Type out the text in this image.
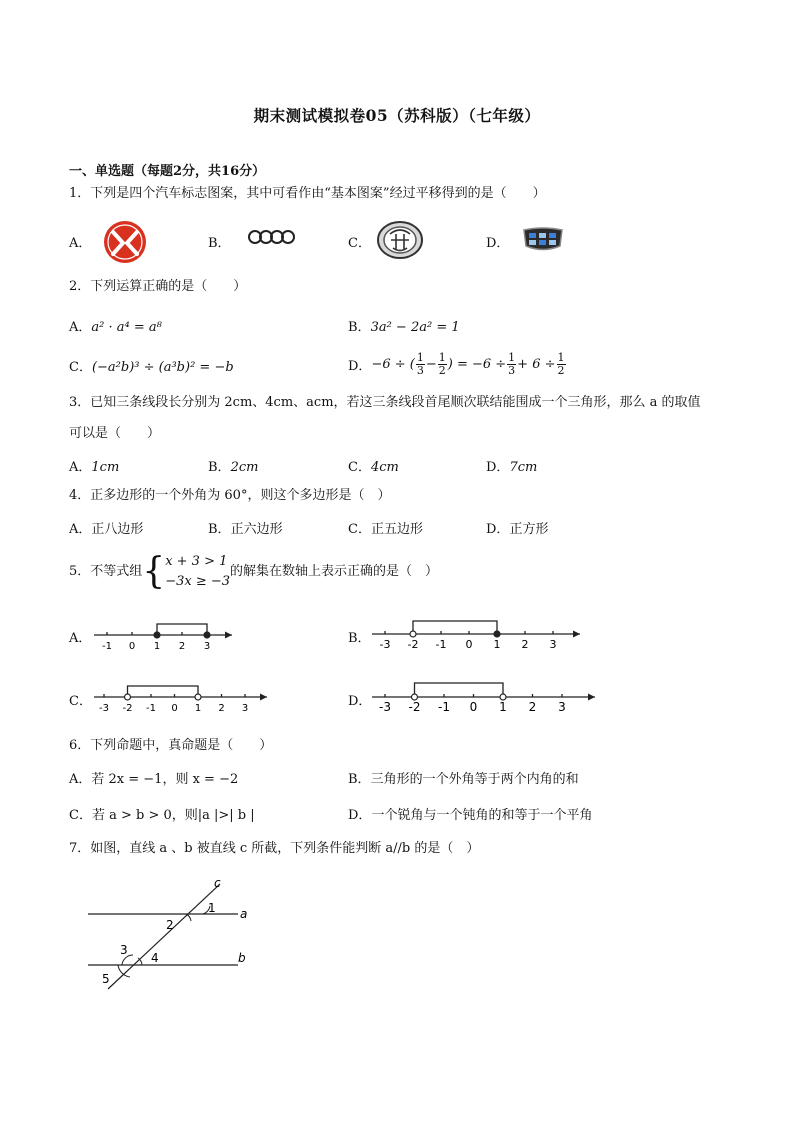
期末测试模拟卷05（苏科版）（七年级）
一、单选题（每题2分，共16分）
1．下列是四个汽车标志图案，其中可看作由“基本图案”经过平移得到的是（　　）
A．	B．	C．	D．
2．下列运算正确的是（　　）
A．a² · a⁴ = a⁸	B．3a² − 2a² = 1
C．(−a²b)³ ÷ (a³b)² = −b	D． −6 ÷ ( $\frac{1}{3} - \frac{1}{2}$ ) = $-6 \div \frac{1}{3} + 6 \div \frac{1}{2}$
3．已知三条线段长分别为 2cm、4cm、acm，若这三条线段首尾顺次联结能围成一个三角形，那么 a 的取值
可以是（　　）
A．1cm	B．2cm	C．4cm	D．7cm
4．正多边形的一个外角为 60°，则这个多边形是（　）
A．正八边形	B．正六边形	C．正五边形	D．正方形
5．不等式组 { x + 3 > 1
−3x ≥ −3
的解集在数轴上表示正确的是（　）
A．
-1 0 1 2 3
B． -3 -2 -1 0 1 2 3
C． -3 -2 -1 0 1 2 3	D． -3 -2 -1 0 1 2 3
6．下列命题中，真命题是（　　）
A．若 2x = −1，则 x = −2	B．三角形的一个外角等于两个内角的和
C．若 a > b > 0，则|a |>| b |	D．一个锐角与一个钝角的和等于一个平角
7．如图，直线 a 、b 被直线 c 所截，下列条件能判断 a//b 的是（　）
c
a
b
1
2
3
4
5
